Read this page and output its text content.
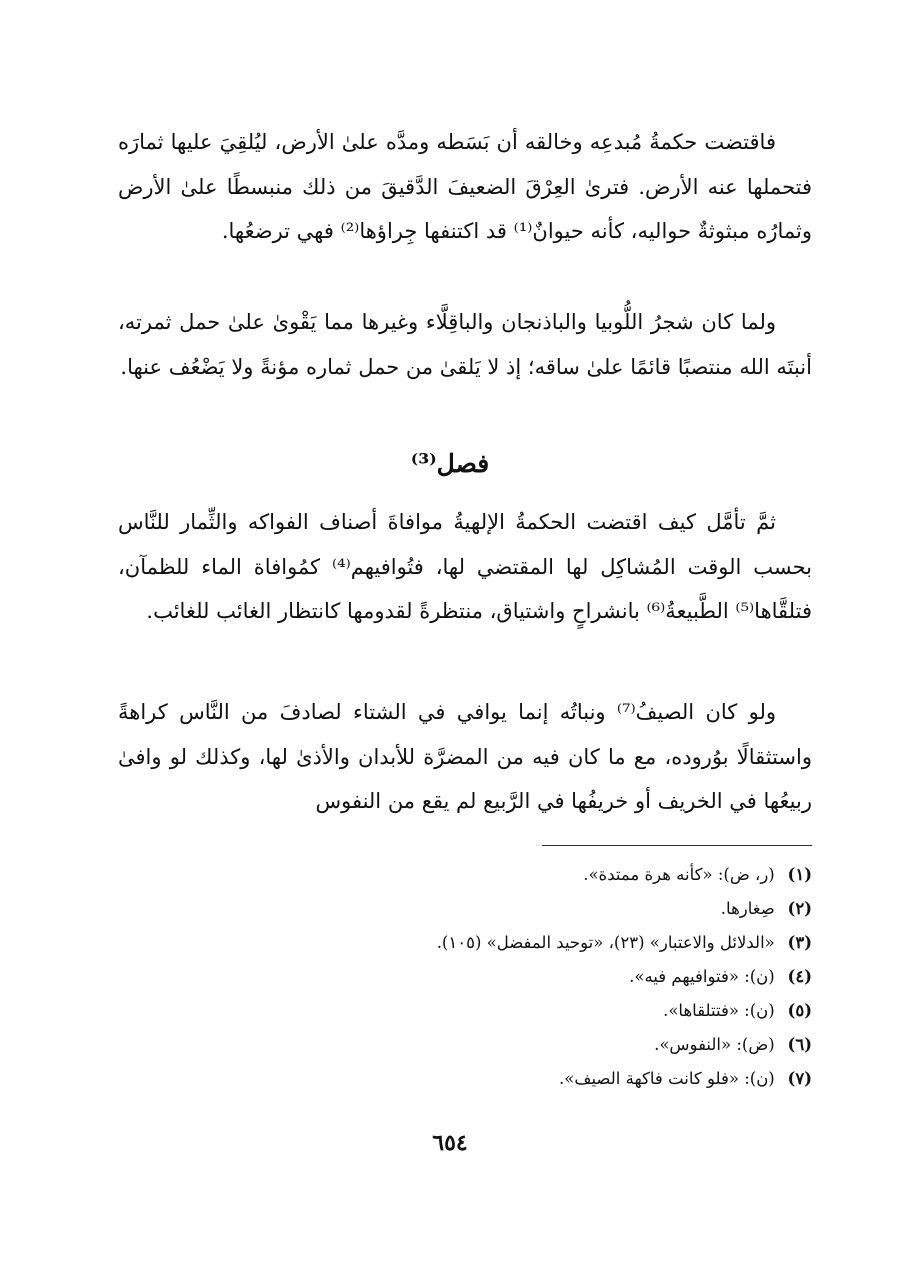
فاقتضت حكمةُ مُبدعِه وخالقه أن بَسَطه ومدَّه علىٰ الأرض، ليُلقِيَ عليها ثمارَه فتحملها عنه الأرض. فترىٰ العِرْقَ الضعيفَ الدَّقيقَ من ذلك منبسطًا علىٰ الأرض وثمارُه مبثوثةٌ حواليه، كأنه حيوانٌ⁽¹⁾ قد اكتنفها جِراؤها⁽²⁾ فهي ترضعُها.

ولما كان شجرُ اللُّوبيا والباذنجان والباقِلَّاء وغيرها مما يَقْوىٰ علىٰ حمل ثمرته، أنبتَه الله منتصبًا قائمًا علىٰ ساقه؛ إذ لا يَلقىٰ من حمل ثماره مؤنةً ولا يَضْعُف عنها.

فصل⁽³⁾

ثمَّ تأمَّل كيف اقتضت الحكمةُ الإلهيةُ موافاةَ أصناف الفواكه والثِّمار للنَّاس بحسب الوقت المُشاكِل لها المقتضي لها، فتُوافيهم⁽⁴⁾ كمُوافاة الماء للظمآن، فتلقَّاها⁽⁵⁾ الطَّبيعةُ⁽⁶⁾ بانشراحٍ واشتياق، منتظرةً لقدومها كانتظار الغائب للغائب.

ولو كان الصيفُ⁽⁷⁾ ونباتُه إنما يوافي في الشتاء لصادفَ من النَّاس كراهةً واستثقالًا بوُروده، مع ما كان فيه من المضرَّة للأبدان والأذىٰ لها، وكذلك لو وافىٰ ربيعُها في الخريف أو خريفُها في الرَّبيع لم يقع من النفوس

(١) (ر، ض): «كأنه هرة ممتدة».
(٢) صِغارها.
(٣) «الدلائل والاعتبار» (٢٣)، «توحيد المفضل» (١٠٥).
(٤) (ن): «فتوافيهم فيه».
(٥) (ن): «فتتلقاها».
(٦) (ض): «النفوس».
(٧) (ن): «فلو كانت فاكهة الصيف».
٦٥٤
